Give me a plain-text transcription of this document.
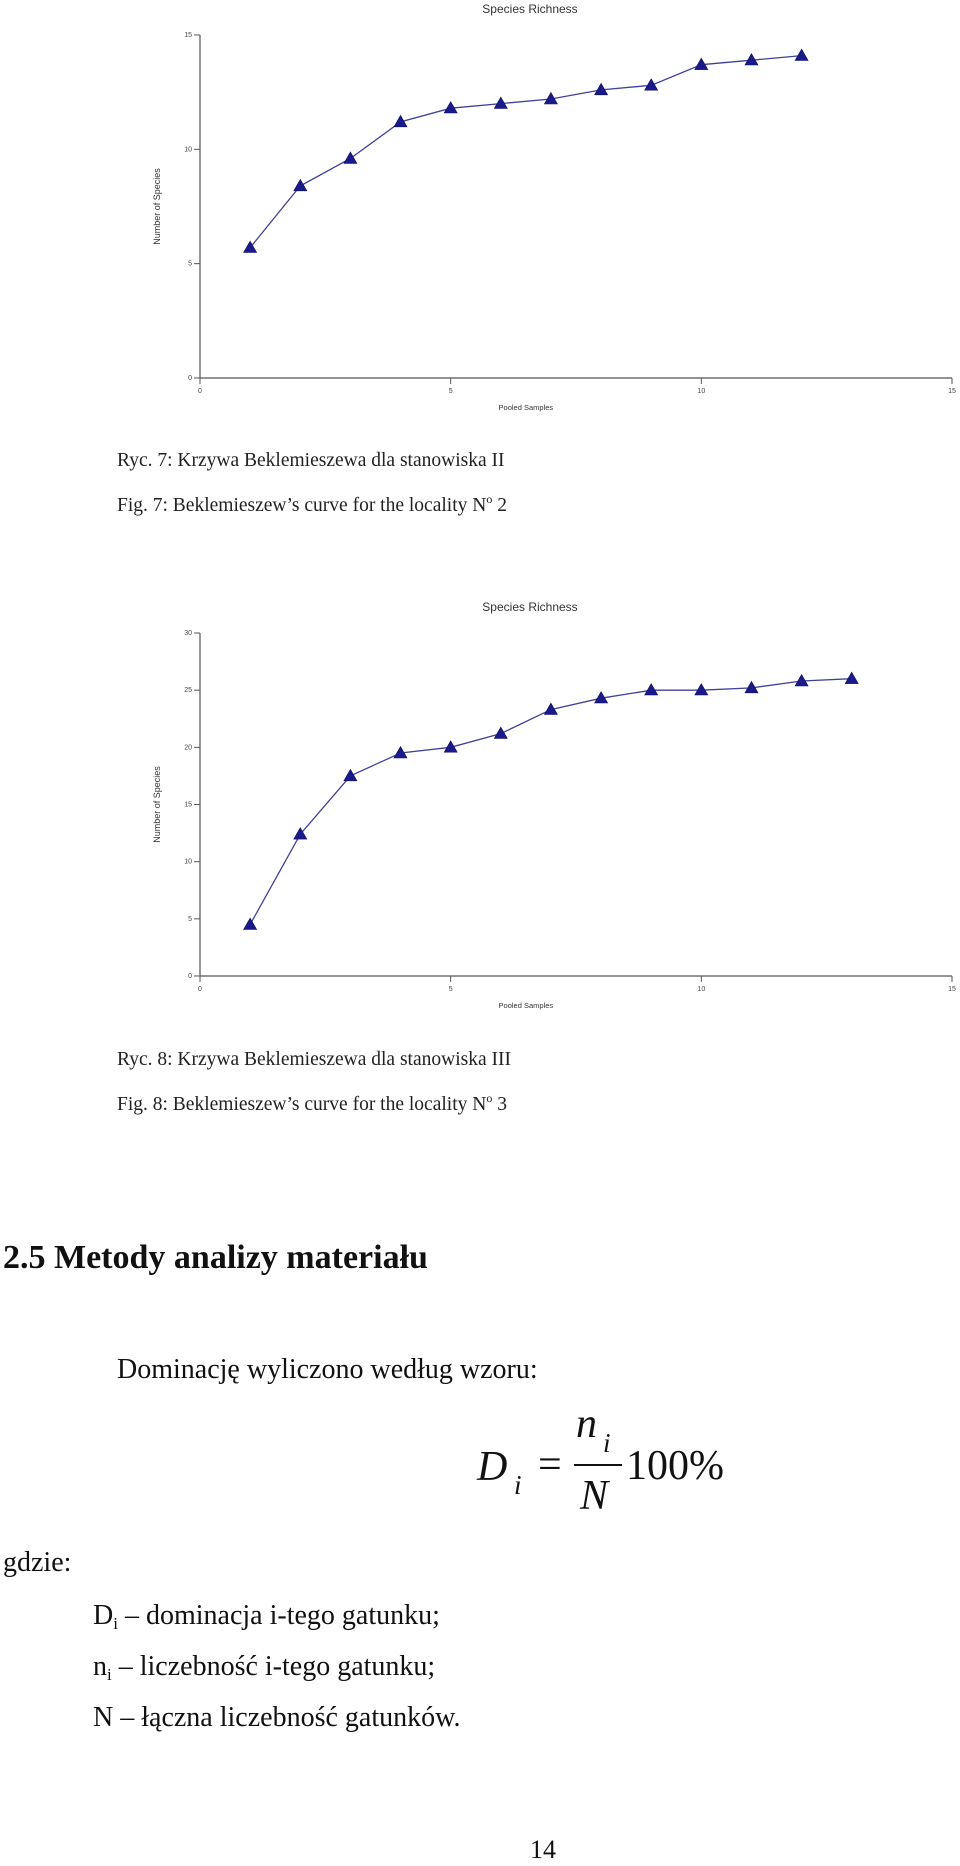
Species Richness
0
5
10
15
0	5	10	15
Number of Species
Pooled Samples
Ryc. 7: Krzywa Beklemieszewa dla stanowiska II
Fig. 7: Beklemieszew’s curve for the locality $N^o$ 2
Species Richness
0
5
10
15
20
25
30
0	5	10	15
Number of Species
Pooled Samples
Ryc. 8: Krzywa Beklemieszewa dla stanowiska III
Fig. 8: Beklemieszew’s curve for the locality $N^o$ 3
2.5 Metody analizy materiału
Dominację wyliczono według wzoru:
D i =
n i
N
100%
gdzie:
$D_i$ – dominacja i-tego gatunku;
$n_i$ – liczebność i-tego gatunku;
N – łączna liczebność gatunków.
14
